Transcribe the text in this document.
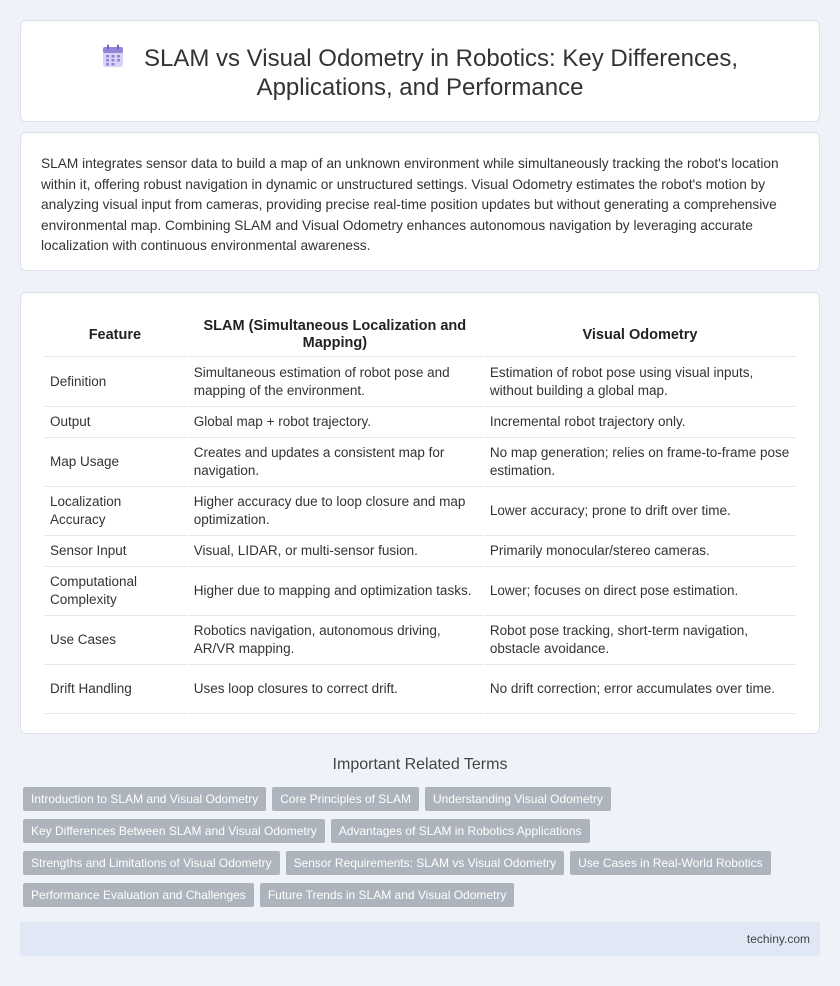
SLAM vs Visual Odometry in Robotics: Key Differences,
Applications, and Performance

SLAM integrates sensor data to build a map of an unknown environment while simultaneously tracking the robot's location within it, offering robust navigation in dynamic or unstructured settings. Visual Odometry estimates the robot's motion by analyzing visual input from cameras, providing precise real-time position updates but without generating a comprehensive environmental map. Combining SLAM and Visual Odometry enhances autonomous navigation by leveraging accurate localization with continuous environmental awareness.

Feature	SLAM (Simultaneous Localization and Mapping)	Visual Odometry
Definition	Simultaneous estimation of robot pose and mapping of the environment.	Estimation of robot pose using visual inputs, without building a global map.
Output	Global map + robot trajectory.	Incremental robot trajectory only.
Map Usage	Creates and updates a consistent map for navigation.	No map generation; relies on frame-to-frame pose estimation.
Localization Accuracy	Higher accuracy due to loop closure and map optimization.	Lower accuracy; prone to drift over time.
Sensor Input	Visual, LIDAR, or multi-sensor fusion.	Primarily monocular/stereo cameras.
Computational Complexity	Higher due to mapping and optimization tasks.	Lower; focuses on direct pose estimation.
Use Cases	Robotics navigation, autonomous driving, AR/VR mapping.	Robot pose tracking, short-term navigation, obstacle avoidance.
Drift Handling	Uses loop closures to correct drift.	No drift correction; error accumulates over time.
Important Related Terms
Introduction to SLAM and Visual Odometry	Core Principles of SLAM	Understanding Visual Odometry
Key Differences Between SLAM and Visual Odometry	Advantages of SLAM in Robotics Applications
Strengths and Limitations of Visual Odometry	Sensor Requirements: SLAM vs Visual Odometry	Use Cases in Real-World Robotics
Performance Evaluation and Challenges	Future Trends in SLAM and Visual Odometry
techiny.com
